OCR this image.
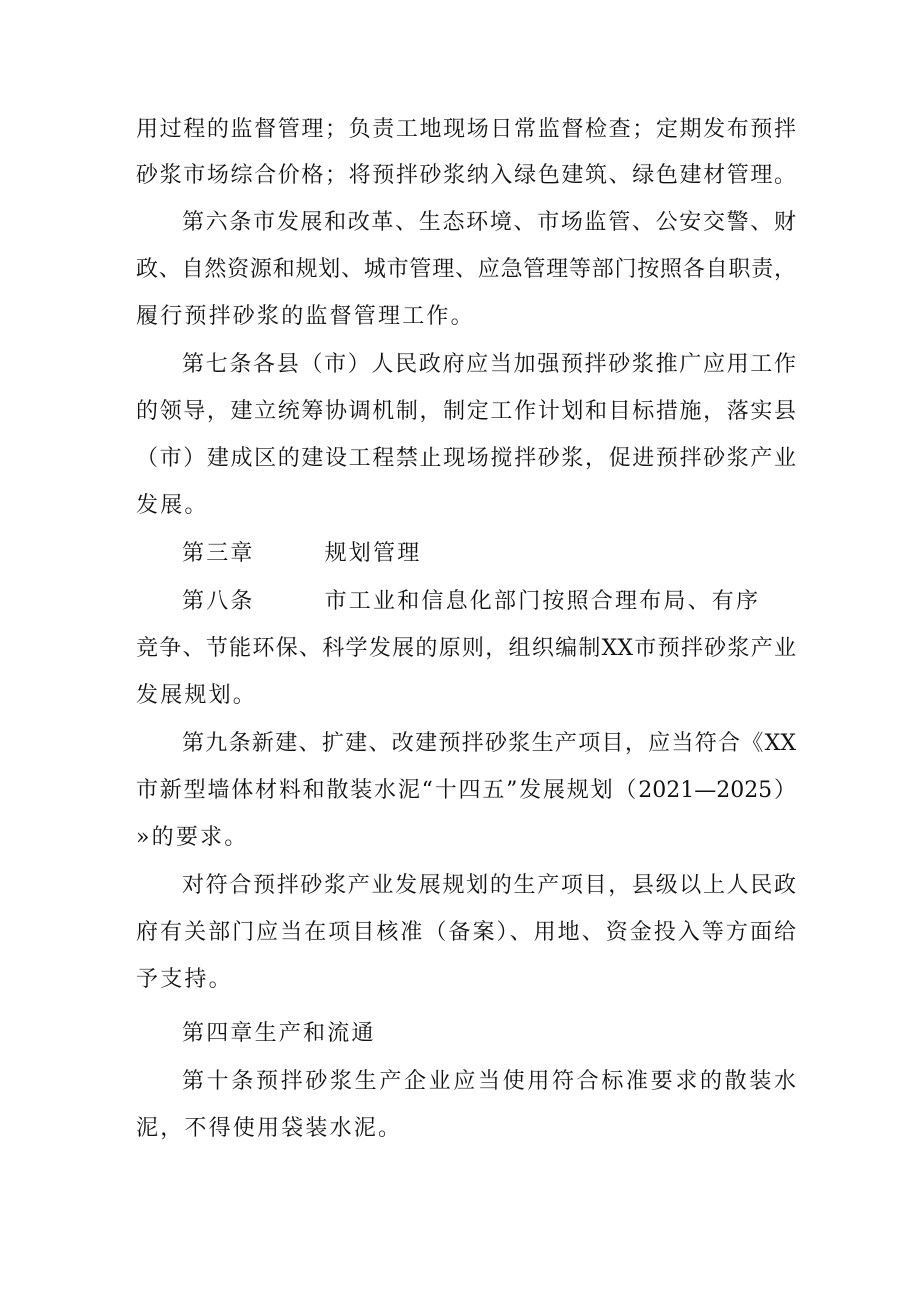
用过程的监督管理；负责工地现场日常监督检查；定期发布预拌
砂浆市场综合价格；将预拌砂浆纳入绿色建筑、绿色建材管理。
第六条市发展和改革、生态环境、市场监管、公安交警、财
政、自然资源和规划、城市管理、应急管理等部门按照各自职责，
履行预拌砂浆的监督管理工作。
第七条各县（市）人民政府应当加强预拌砂浆推广应用工作
的领导，建立统筹协调机制，制定工作计划和目标措施，落实县
（市）建成区的建设工程禁止现场搅拌砂浆，促进预拌砂浆产业
发展。
第三章	规划管理
第八条	市工业和信息化部门按照合理布局、有序
竞争、节能环保、科学发展的原则，组织编制XX市预拌砂浆产业
发展规划。
第九条新建、扩建、改建预拌砂浆生产项目，应当符合《XX
市新型墙体材料和散装水泥“十四五”发展规划（2021—2025）
»的要求。
对符合预拌砂浆产业发展规划的生产项目，县级以上人民政
府有关部门应当在项目核准（备案）、用地、资金投入等方面给
予支持。
第四章生产和流通
第十条预拌砂浆生产企业应当使用符合标准要求的散装水
泥，不得使用袋装水泥。
